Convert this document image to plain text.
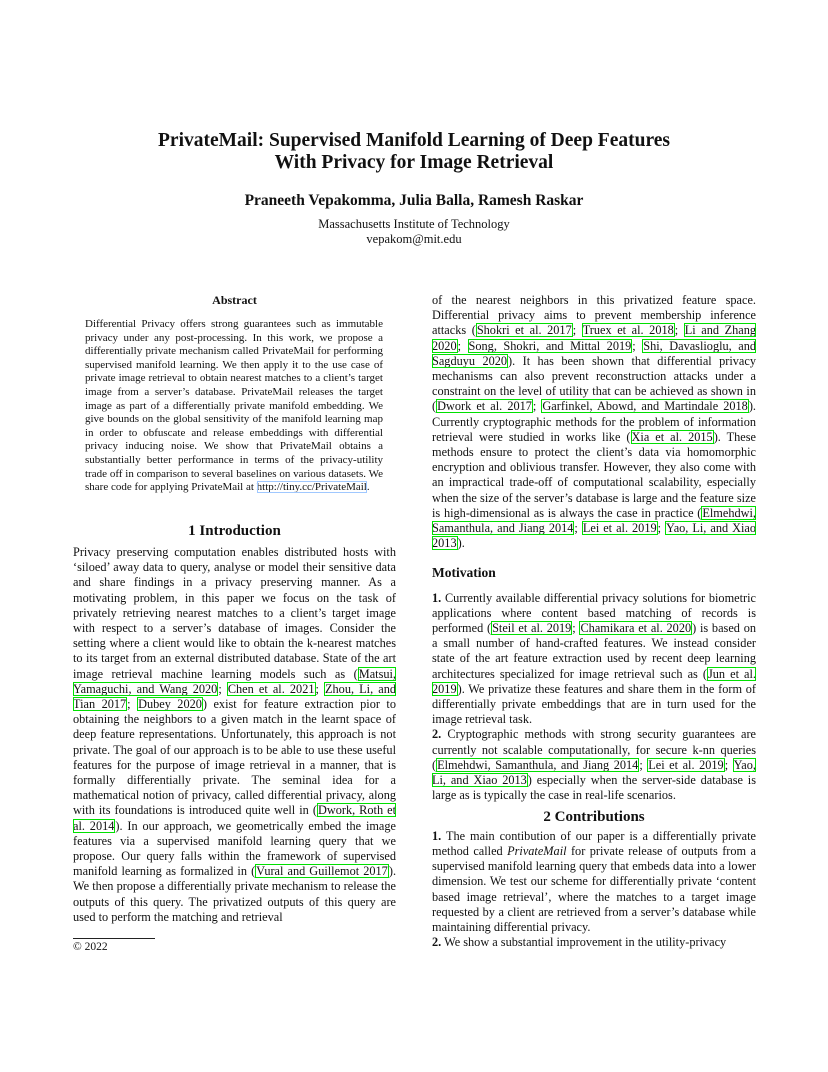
PrivateMail: Supervised Manifold Learning of Deep Features
With Privacy for Image Retrieval
Praneeth Vepakomma, Julia Balla, Ramesh Raskar
Massachusetts Institute of Technology
vepakom@mit.edu
Abstract
Differential Privacy offers strong guarantees such as immutable privacy under any post-processing. In this work, we propose a differentially private mechanism called PrivateMail for performing supervised manifold learning. We then apply it to the use case of private image retrieval to obtain nearest matches to a client’s target image from a server’s database. PrivateMail releases the target image as part of a differentially private manifold embedding. We give bounds on the global sensitivity of the manifold learning map in order to obfuscate and release embeddings with differential privacy inducing noise. We show that PrivateMail obtains a substantially better performance in terms of the privacy-utility trade off in comparison to several baselines on various datasets. We share code for applying PrivateMail at http://tiny.cc/PrivateMail.
1 Introduction
Privacy preserving computation enables distributed hosts with ‘siloed’ away data to query, analyse or model their sensitive data and share findings in a privacy preserving manner. As a motivating problem, in this paper we focus on the task of privately retrieving nearest matches to a client’s target image with respect to a server’s database of images. Consider the setting where a client would like to obtain the k-nearest matches to its target from an external distributed database. State of the art image retrieval machine learning models such as (Matsui, Yamaguchi, and Wang 2020; Chen et al. 2021; Zhou, Li, and Tian 2017; Dubey 2020) exist for feature extraction pior to obtaining the neighbors to a given match in the learnt space of deep feature representations. Unfortunately, this approach is not private. The goal of our approach is to be able to use these useful features for the purpose of image retrieval in a manner, that is formally differentially private. The seminal idea for a mathematical notion of privacy, called differential privacy, along with its foundations is introduced quite well in (Dwork, Roth et al. 2014). In our approach, we geometrically embed the image features via a supervised manifold learning query that we propose. Our query falls within the framework of supervised manifold learning as formalized in (Vural and Guillemot 2017). We then propose a differentially private mechanism to release the outputs of this query. The privatized outputs of this query are used to perform the matching and retrieval
© 2022

of the nearest neighbors in this privatized feature space. Differential privacy aims to prevent membership inference attacks (Shokri et al. 2017; Truex et al. 2018; Li and Zhang 2020; Song, Shokri, and Mittal 2019; Shi, Davaslioglu, and Sagduyu 2020). It has been shown that differential privacy mechanisms can also prevent reconstruction attacks under a constraint on the level of utility that can be achieved as shown in (Dwork et al. 2017; Garfinkel, Abowd, and Martindale 2018). Currently cryptographic methods for the problem of information retrieval were studied in works like (Xia et al. 2015). These methods ensure to protect the client’s data via homomorphic encryption and oblivious transfer. However, they also come with an impractical trade-off of computational scalability, especially when the size of the server’s database is large and the feature size is high-dimensional as is always the case in practice (Elmehdwi, Samanthula, and Jiang 2014; Lei et al. 2019; Yao, Li, and Xiao 2013).

Motivation

1. Currently available differential privacy solutions for biometric applications where content based matching of records is performed (Steil et al. 2019; Chamikara et al. 2020) is based on a small number of hand-crafted features. We instead consider state of the art feature extraction used by recent deep learning architectures specialized for image retrieval such as (Jun et al. 2019). We privatize these features and share them in the form of differentially private embeddings that are in turn used for the image retrieval task.

2. Cryptographic methods with strong security guarantees are currently not scalable computationally, for secure k-nn queries (Elmehdwi, Samanthula, and Jiang 2014; Lei et al. 2019; Yao, Li, and Xiao 2013) especially when the server-side database is large as is typically the case in real-life scenarios.

2 Contributions

1. The main contibution of our paper is a differentially private method called PrivateMail for private release of outputs from a supervised manifold learning query that embeds data into a lower dimension. We test our scheme for differentially private ‘content based image retrieval’, where the matches to a target image requested by a client are retrieved from a server’s database while maintaining differential privacy.

2. We show a substantial improvement in the utility-privacy
